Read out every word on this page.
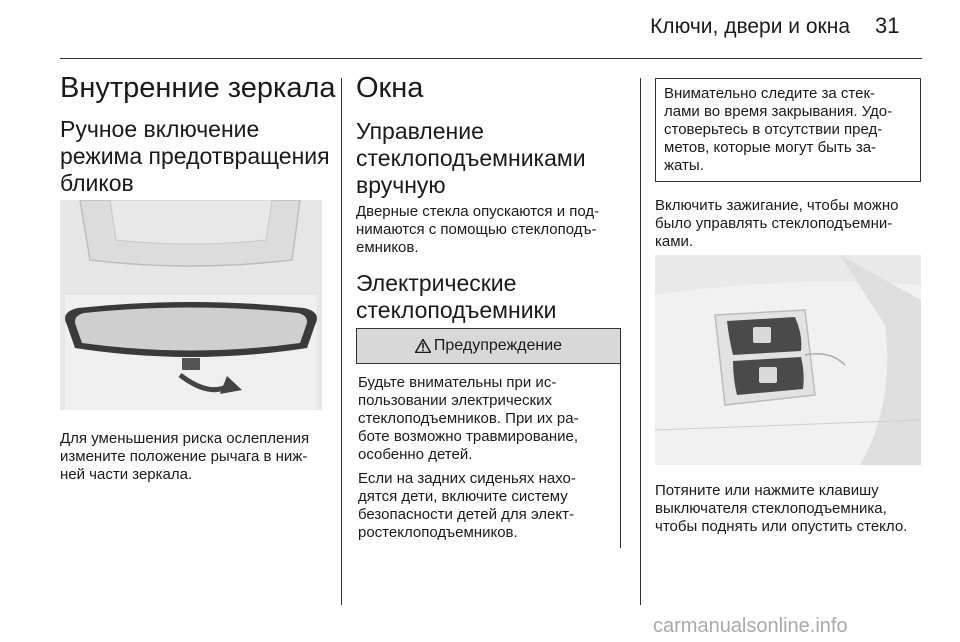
Ключи, двери и окна 31
Внутренние зеркала
Ручное включение режима предотвращения бликов
Для уменьшения риска ослепления измените положение рычага в ниж- ней части зеркала.
Окна
Управление стеклоподъемниками вручную
Дверные стекла опускаются и под- нимаются с помощью стеклоподъ- емников.
Электрические стеклоподъемники
Предупреждение
Будьте внимательны при ис- пользовании электрических стеклоподъемников. При их ра- боте возможно травмирование, особенно детей.
Если на задних сиденьях нахо- дятся дети, включите систему безопасности детей для элект- ростеклоподъемников.
Внимательно следите за стек- лами во время закрывания. Удо- стоверьтесь в отсутствии пред- метов, которые могут быть за- жаты.
Включить зажигание, чтобы можно было управлять стеклоподъемни- ками.
Потяните или нажмите клавишу выключателя стеклоподъемника, чтобы поднять или опустить стекло.
carmanualsonline.info
